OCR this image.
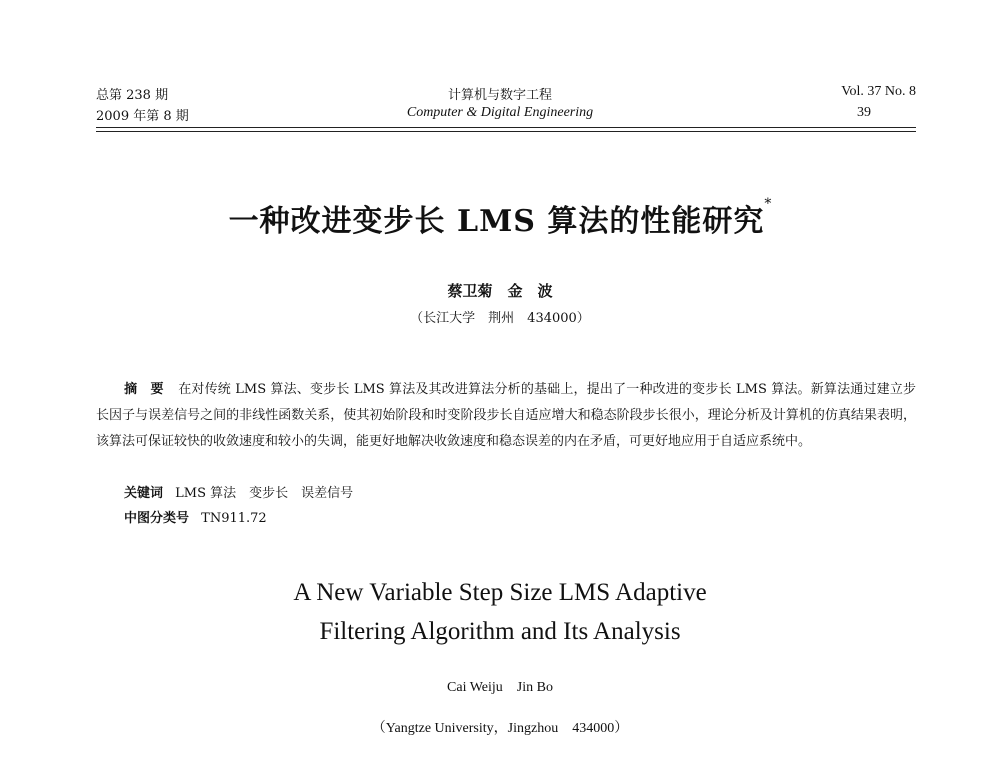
总第 238 期
2009 年第 8 期
计算机与数字工程
Computer & Digital Engineering
Vol. 37 No. 8
39
一种改进变步长 LMS 算法的性能研究*
蔡卫菊　金　波
（长江大学　荆州　434000）
摘　要 在对传统 LMS 算法、变步长 LMS 算法及其改进算法分析的基础上，提出了一种改进的变步长 LMS 算法。新算法通过建立步长因子与误差信号之间的非线性函数关系，使其初始阶段和时变阶段步长自适应增大和稳态阶段步长很小，理论分析及计算机的仿真结果表明，该算法可保证较快的收敛速度和较小的失调，能更好地解决收敛速度和稳态误差的内在矛盾，可更好地应用于自适应系统中。
关键词 LMS 算法　变步长　误差信号
中图分类号 TN911.72
A New Variable Step Size LMS Adaptive
Filtering Algorithm and Its Analysis
Cai Weiju　Jin Bo
（Yangtze University，Jingzhou　434000）
